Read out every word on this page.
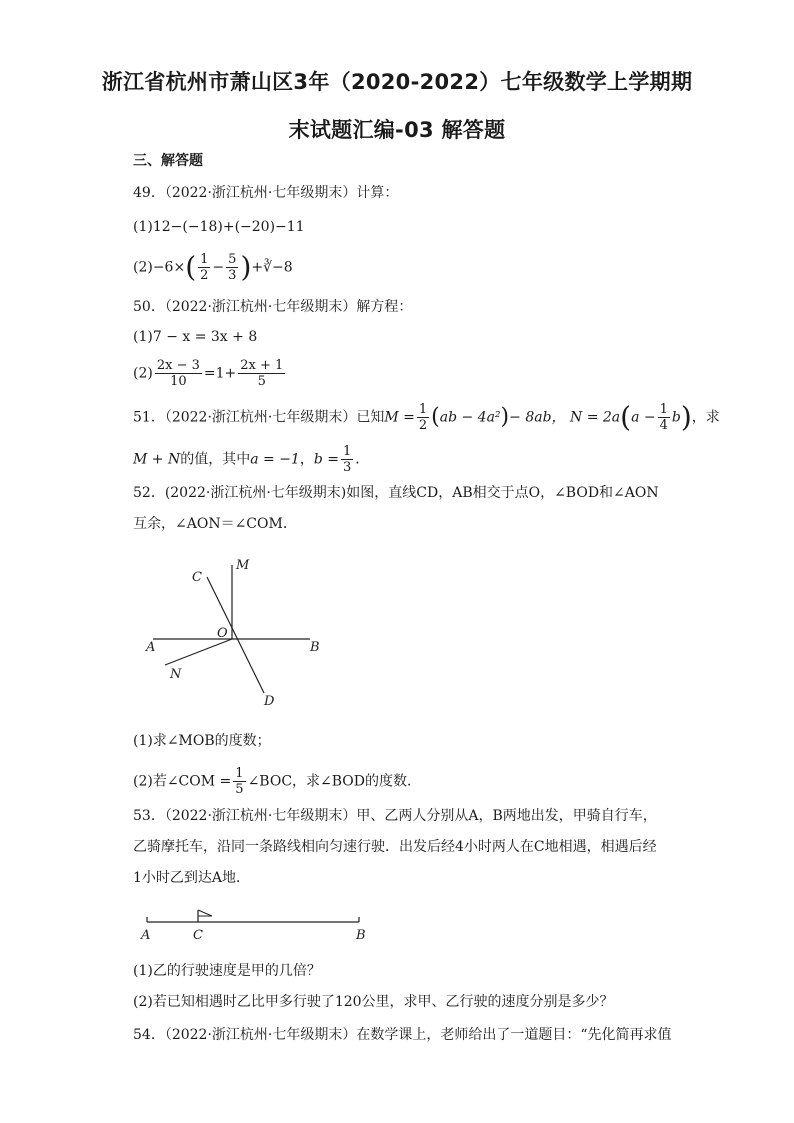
浙江省杭州市萧山区3年（2020-2022）七年级数学上学期期
末试题汇编-03 解答题
三、解答题
49．（2022·浙江杭州·七年级期末）计算：
(1)12−(−18)+(−20)−11
$(2)-6\times( \frac{1}{2} - \frac{5}{3}$ )+∛−8
50．（2022·浙江杭州·七年级期末）解方程：
(1)7 − x = 3x + 8
$(2) \frac{2x - 3}{10} =1+ \frac{2x + 1}{5}$
51．（2022·浙江杭州·七年级期末）已知$M = \frac{1}{2} (ab - 4a^2)- 8ab$， $N = 2a(a - \frac{1}{4} b)$，求
M + N的值，其中a = −1，$b = \frac{1}{3}$ ．
52．(2022·浙江杭州·七年级期末)如图，直线CD，AB相交于点O，∠BOD和∠AON
互余，∠AON＝∠COM．
C
M
O
A	B
N
D
(1)求∠MOB的度数；
(2)若∠COM = $\frac{1}{5}$ ∠BOC，求∠BOD的度数．
53．（2022·浙江杭州·七年级期末）甲、乙两人分别从A，B两地出发，甲骑自行车，
乙骑摩托车，沿同一条路线相向匀速行驶．出发后经4小时两人在C地相遇，相遇后经
1小时乙到达A地．
A	C	B
(1)乙的行驶速度是甲的几倍？
(2)若已知相遇时乙比甲多行驶了120公里，求甲、乙行驶的速度分别是多少？
54．（2022·浙江杭州·七年级期末）在数学课上，老师给出了一道题目：“先化简再求值
